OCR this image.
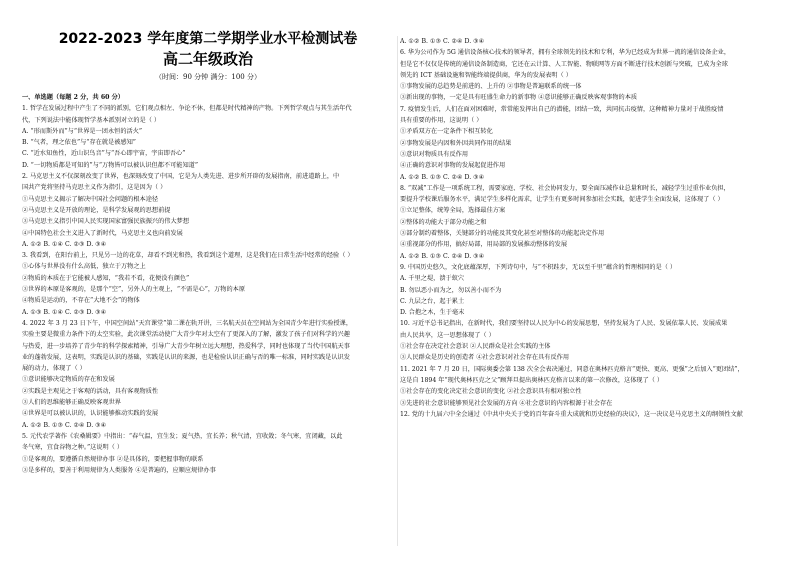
2022-2023 学年度第二学期学业水平检测试卷
高二年级政治
（时间：90 分钟 满分：100 分）
一、单选题（每题 2 分，共 60 分）
1. 哲学在发展过程中产生了不同的派别，它们观点相左、争论不休，但都是时代精神的产物。下列哲学观点与其生活年代
代，下列说法中能体现哲学基本派别对立的是（ ）
A. “形而斯外而”与“世界是一团永恒的活火”
B. “气者，理之依也”与“存在就是被感知”
C. “近水知鱼性，近山识鸟音”与“吾心即宇宙，宇宙即吾心”
D. “一切物质都是可知的”与“万物皆可以被认识但都不可能知道”
2. 马克思主义不仅深刻改变了世界，也深刻改变了中国，它是为人类先进、进步所开辟的发展指南，前进道路上，中
国共产党将坚持马克思主义作为指引，这是因为（ ）
①马克思主义揭示了解决中国社会问题的根本途径
②马克思主义是开放的理论，是科学发展观的思想前提
③马克思主义指引中国人民实现国家富强民族振兴的伟大梦想
④中国特色社会主义进入了新时代，马克思主义也向前发展
A. ①② B. ①④ C. ②③ D. ③④
3. 我看到，在阳台前上，只见另一边的花草，却看不到光和热，我看到这个道理，这是我们在日常生活中经常的经验（ ）
①心体与世界没有什么高低，独立于万物之上
②物质的本质在于它能被人感知，“我若不看，花便没有颜色”
③世界的本原是客观的，是那个“空”，另外人的主观上，“不需是心”，万物的本原
④物质是运动的，不存在“大地不会”的物体
A. ①③ B. ①④ C. ②③ D. ③④
4. 2022 年 3 月 23 日下午，中国空间站“天宫课堂”第二课在轨开讲，三名航天员在空间站为全国青少年进行实验授课，
实验主要是微重力条件下的太空实验，此次课堂活动使广大青少年对太空有了更深入的了解，激发了孩子们对科学的兴趣
与热爱，进一步培养了青少年的科学探索精神，引导广大青少年树立远大理想，热爱科学，同时也体现了当代中国航天事
业的蓬勃发展，这表明，实践是认识的基础，实践是认识的来源，也是检验认识正确与否的唯一标准，同时实践是认识发
展的动力，体现了（ ）
①意识能够决定物质的存在和发展
②实践是主观见之于客观的活动，具有客观物质性
③人们的思维能够正确反映客观世界
④世界是可以被认识的，认识能够推动实践的发展
A. ①② B. ①③ C. ②④ D. ③④
5. 元代农学著作《农桑辑要》中指出：“春气温，宜生发；夏气热，宜长养；秋气清，宜收敛；冬气寒，宜闭藏，以此
冬气寒，宜食谷物之种。”这说明（ ）
①是客观的，要遵循自然规律办事 ②是具体的，要把握事物的联系
③是多样的，要善于利用规律为人类服务 ④是普遍的，应顺应规律办事
A. ①② B. ①③ C. ②④ D. ③④
6. 华为公司作为 5G 通信设备核心技术的领导者，拥有全球领先的技术和专利，华为已经成为世界一流的通信设备企业，
但是它不仅仅是传统的通信设备制造商，它还在云计算、人工智能、物联网等方面不断进行技术创新与突破，已成为全球
领先的 ICT 基础设施和智能终端提供商，华为的发展表明（ ）
①事物发展的总趋势是前进的、上升的 ②事物是普遍联系的统一体
③新出现的事物，一定是具有旺盛生命力的新事物 ④意识能够正确反映客观事物的本质
7. 疫情发生后，人们在面对困难时，常常能发挥出自己的潜能，团结一致，共同抗击疫情，这种精神力量对于战胜疫情
具有重要的作用，这说明（ ）
①矛盾双方在一定条件下相互转化
②事物发展是内因和外因共同作用的结果
③意识对物质具有反作用
④正确的意识对事物的发展起促进作用
A. ①② B. ①③ C. ②④ D. ③④
8. “双减”工作是一项系统工程，需要家庭、学校、社会协同发力，要全面压减作业总量和时长，减轻学生过重作业负担，
要提升学校课后服务水平，满足学生多样化需求，让学生有更多时间参加社会实践，促进学生全面发展，这体现了（ ）
①立足整体，统筹全局，选择最佳方案
②整体的功能大于部分功能之和
③部分制约着整体，关键部分的功能及其变化甚至对整体的功能起决定作用
④重视部分的作用，搞好局部，用局部的发展推动整体的发展
A. ①② B. ①③ C. ②④ D. ③④
9. 中国历史悠久，文化底蕴深厚，下列诗句中，与“不积跬步，无以至千里”蕴含的哲理相同的是（ ）
A. 千里之堤，溃于蚁穴
B. 勿以恶小而为之，勿以善小而不为
C. 九层之台，起于累土
D. 合抱之木，生于毫末
10. 习近平总书记指出，在新时代，我们要坚持以人民为中心的发展思想，坚持发展为了人民、发展依靠人民、发展成果
由人民共享，这一思想体现了（ ）
①社会存在决定社会意识 ②人民群众是社会实践的主体
③人民群众是历史的创造者 ④社会意识对社会存在具有反作用
11. 2021 年 7 月 20 日，国际奥委会第 138 次全会表决通过，同意在奥林匹克格言“更快、更高、更强”之后加入“更团结”，
这是自 1894 年“现代奥林匹克之父”顾拜旦提出奥林匹克格言以来的第一次修改，这体现了（ ）
①社会存在的变化决定社会意识的变化 ②社会意识具有相对独立性
③先进的社会意识能够预见社会发展的方向 ④社会意识的内容根源于社会存在
12. 党的十九届六中全会通过《中共中央关于党的百年奋斗重大成就和历史经验的决议》，这一决议是马克思主义的纲领性文献
